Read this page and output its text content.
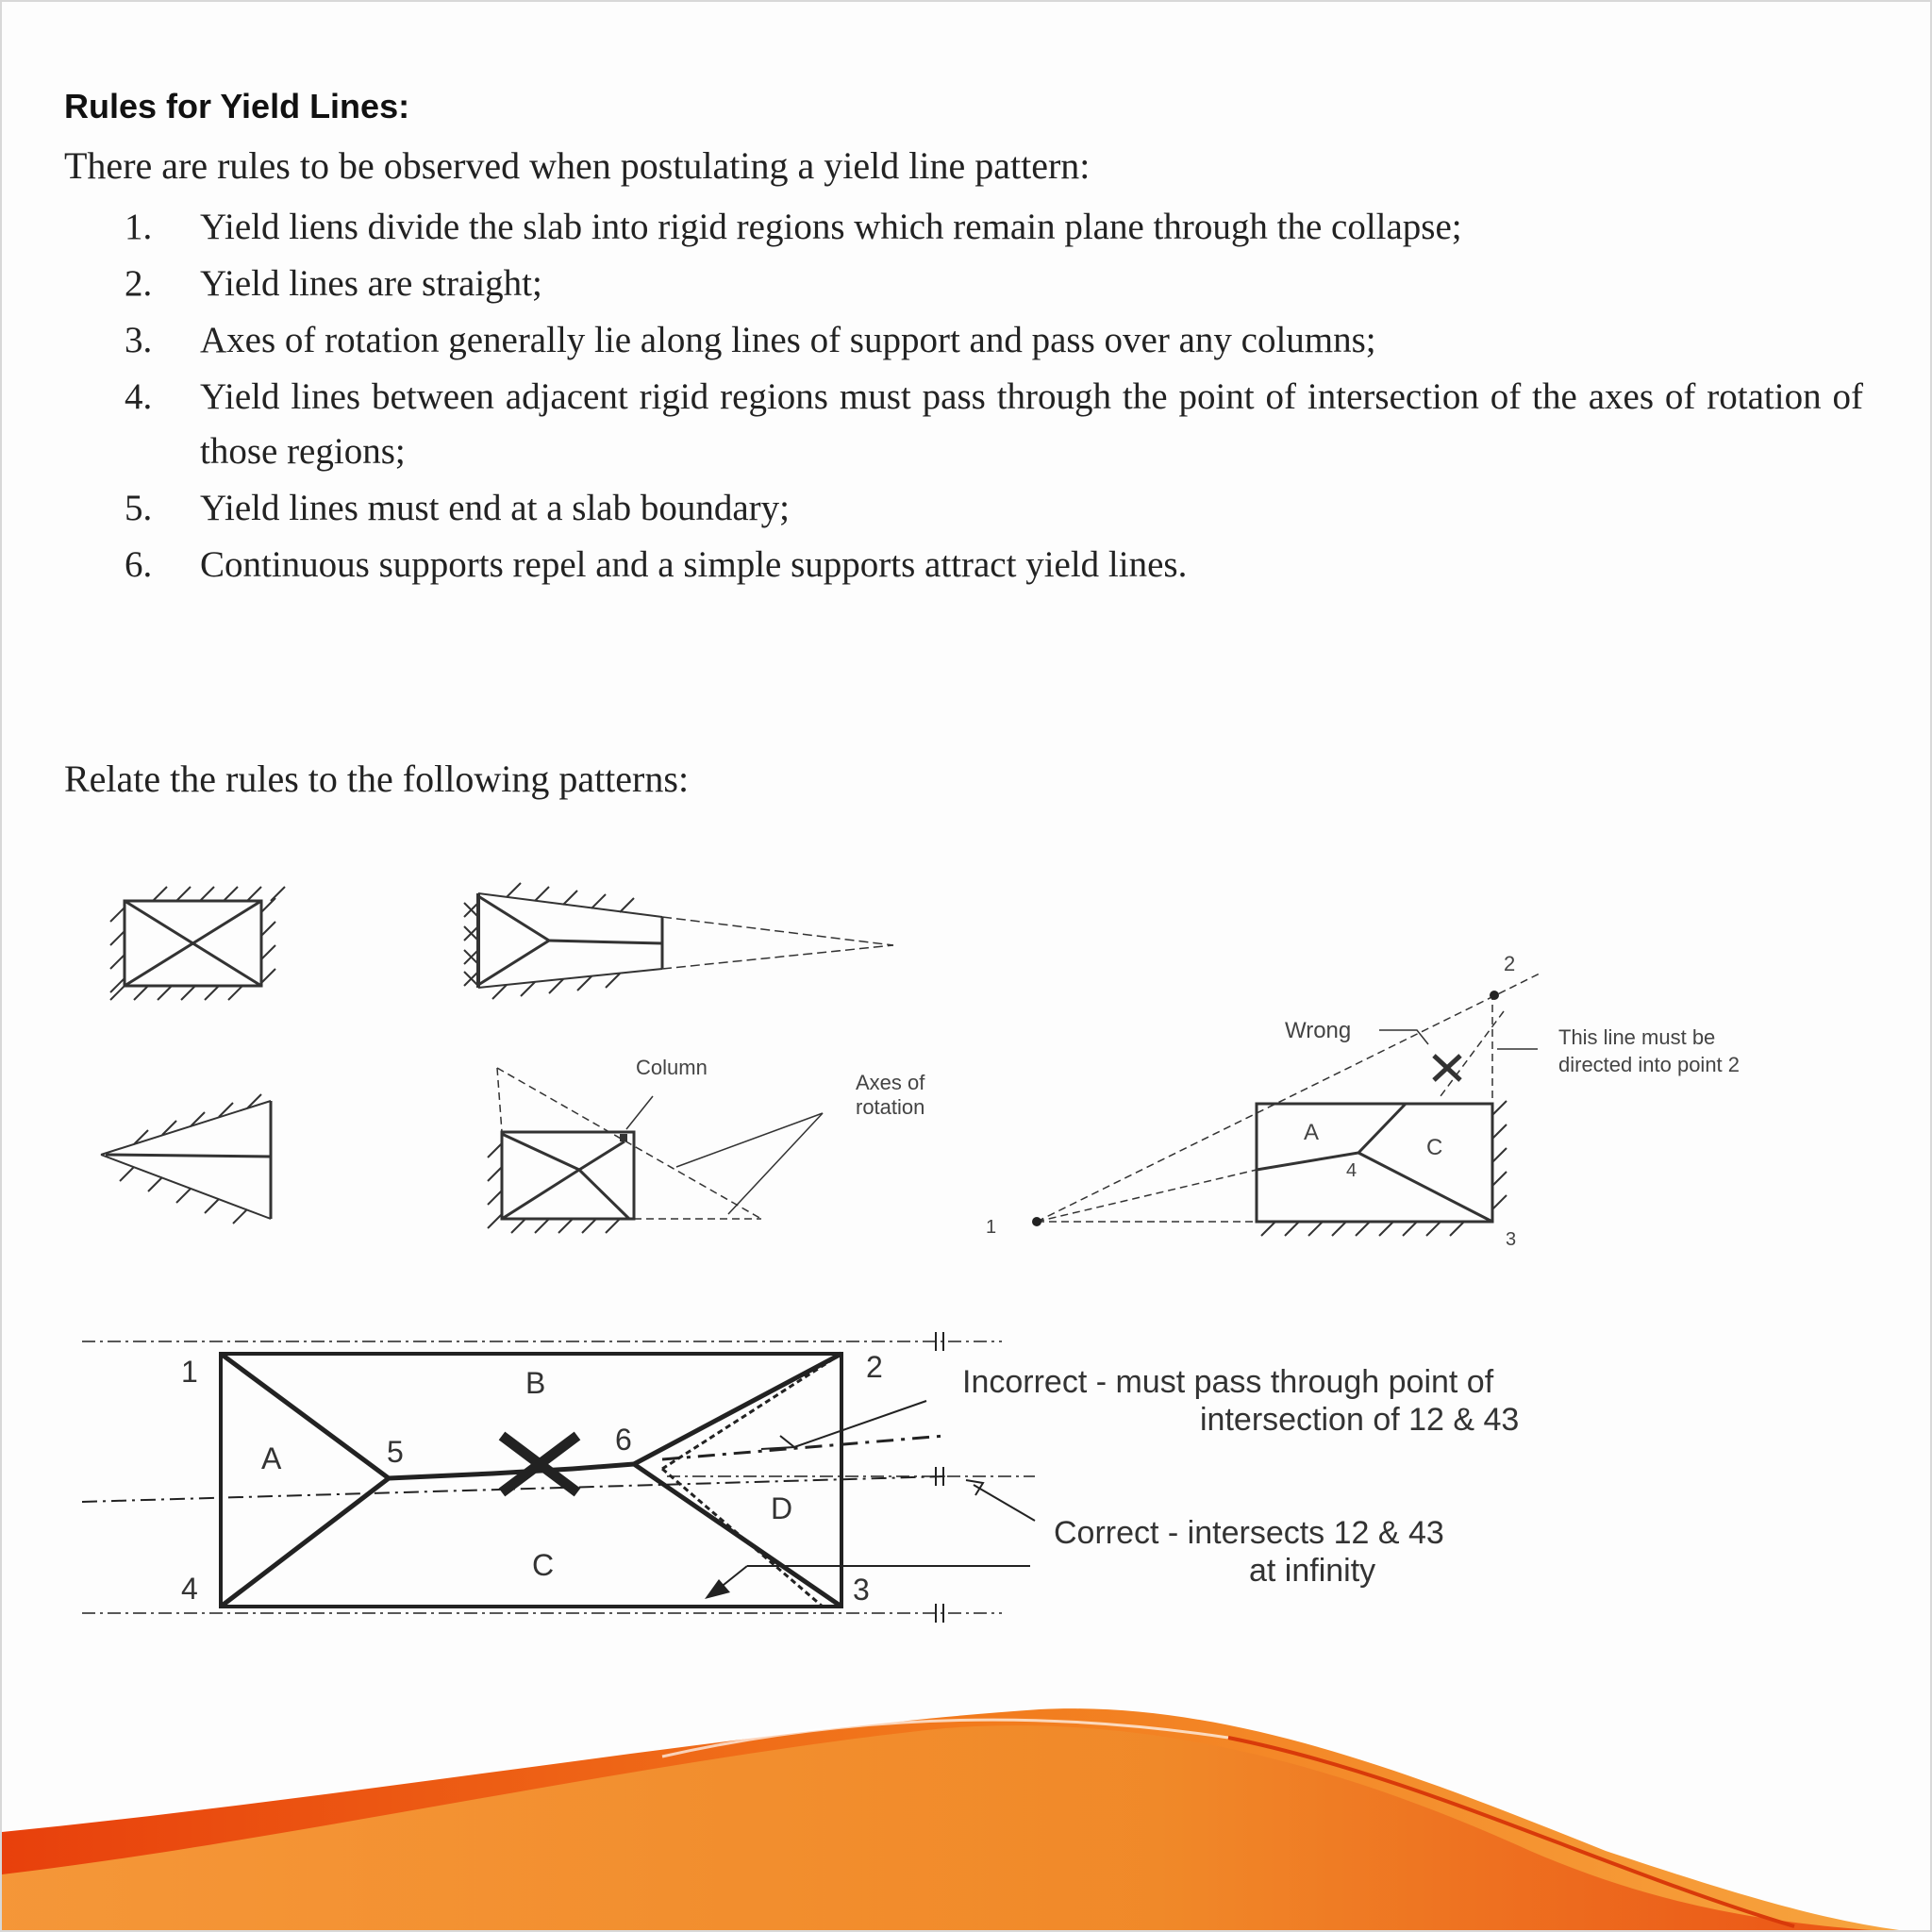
Rules for Yield Lines:
There are rules to be observed when postulating a yield line pattern:
1.	Yield liens divide the slab into rigid regions which remain plane through the collapse;
2.	Yield lines are straight;
3.	Axes of rotation generally lie along lines of support and pass over any columns;
4.	Yield lines between adjacent rigid regions must pass through the point of intersection of the axes of rotation of those regions;
5.	Yield lines must end at a slab boundary;
6.	Continuous supports repel and a simple supports attract yield lines.
Relate the rules to the following patterns:
Column
Axes of
rotation
2
Wrong	This line must be
directed into point 2
A
C
4
1
3
1	2
3
4
5	6
A
B
C
D
Incorrect - must pass through point of
intersection of 12 & 43
Correct - intersects 12 & 43
at infinity
